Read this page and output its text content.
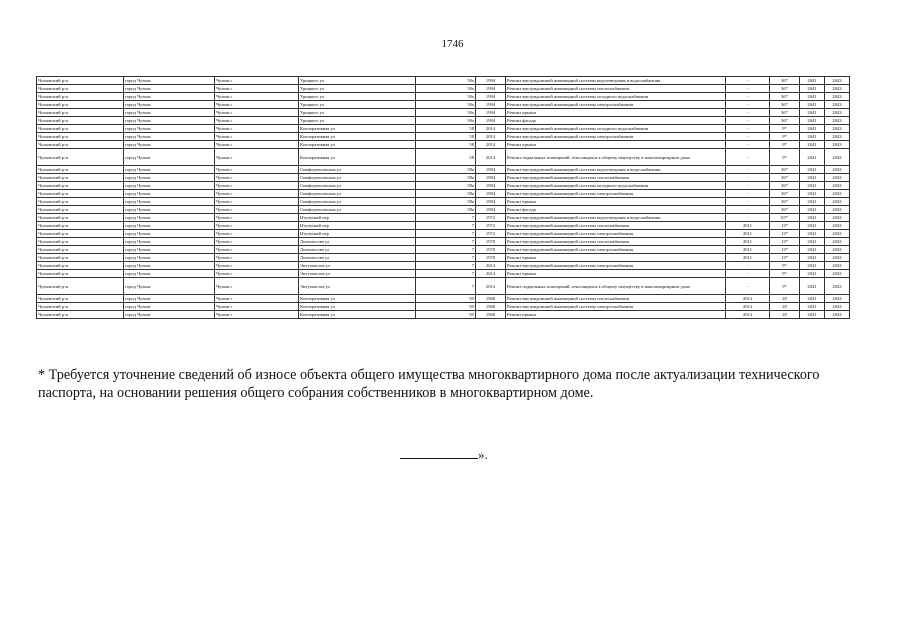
1746
Чулымский р-н	город Чулым	Чулым г	Урицкого ул	50а	1994	Ремонт внутридомовой инженерной системы водоотведения и водоснабжения	-	36*	2041	2043
Чулымский р-н	город Чулым	Чулым г	Урицкого ул	50а	1994	Ремонт внутридомовой инженерной системы теплоснабжения	-	36*	2041	2043
Чулымский р-н	город Чулым	Чулым г	Урицкого ул	50а	1994	Ремонт внутридомовой инженерной системы холодного водоснабжения	-	36*	2041	2043
Чулымский р-н	город Чулым	Чулым г	Урицкого ул	50а	1994	Ремонт внутридомовой инженерной системы электроснабжения	-	36*	2041	2043
Чулымский р-н	город Чулым	Чулым г	Урицкого ул	50а	1994	Ремонт крыши	-	36*	2041	2043
Чулымский р-н	город Чулым	Чулым г	Урицкого ул	50а	1994	Ремонт фасада	-	36*	2041	2043
Чулымский р-н	город Чулым	Чулым г	Кооперативная ул	58	2014	Ремонт внутридомовой инженерной системы холодного водоснабжения	-	9*	2041	2043
Чулымский р-н	город Чулым	Чулым г	Кооперативная ул	58	2014	Ремонт внутридомовой инженерной системы электроснабжения	-	9*	2041	2043
Чулымский р-н	город Чулым	Чулым г	Кооперативная ул	58	2014	Ремонт крыши	-	9*	2041	2043
Чулымский р-н	город Чулым	Чулым г	Кооперативная ул	58	2014	Ремонт подвальных помещений, относящихся к общему имуществу в многоквартирном доме	-	9*	2041	2043
Чулымский р-н	город Чулым	Чулым г	Симферопольская ул	58а	1994	Ремонт внутридомовой инженерной системы водоотведения и водоснабжения	-	36*	2041	2043
Чулымский р-н	город Чулым	Чулым г	Симферопольская ул	58а	1994	Ремонт внутридомовой инженерной системы теплоснабжения	-	36*	2041	2043
Чулымский р-н	город Чулым	Чулым г	Симферопольская ул	58а	1994	Ремонт внутридомовой инженерной системы холодного водоснабжения	-	36*	2041	2043
Чулымский р-н	город Чулым	Чулым г	Симферопольская ул	58а	1994	Ремонт внутридомовой инженерной системы электроснабжения	-	36*	2041	2043
Чулымский р-н	город Чулым	Чулым г	Симферопольская ул	58а	1994	Ремонт крыши	-	36*	2041	2043
Чулымский р-н	город Чулым	Чулым г	Симферопольская ул	58а	1994	Ремонт фасада	-	36*	2041	2043
Чулымский р-н	город Чулым	Чулым г	Итульский пер	7	1972	Ремонт внутридомовой инженерной системы водоотведения и водоснабжения	-	65*	2041	2043
Чулымский р-н	город Чулым	Чулым г	Итульский пер	7	1972	Ремонт внутридомовой инженерной системы теплоснабжения	2011	13*	2041	2043
Чулымский р-н	город Чулым	Чулым г	Итульский пер	7	1972	Ремонт внутридомовой инженерной системы электроснабжения	2011	13*	2041	2043
Чулымский р-н	город Чулым	Чулым г	Ломоносова ул	7	1970	Ремонт внутридомовой инженерной системы теплоснабжения	2011	13*	2041	2043
Чулымский р-н	город Чулым	Чулым г	Ломоносова ул	7	1970	Ремонт внутридомовой инженерной системы электроснабжения	2011	13*	2041	2043
Чулымский р-н	город Чулым	Чулым г	Ломоносова ул	7	1970	Ремонт крыши	2011	13*	2041	2043
Чулымский р-н	город Чулым	Чулым г	Энтузиастов ул	7	2014	Ремонт внутридомовой инженерной системы электроснабжения	-	9*	2041	2043
Чулымский р-н	город Чулым	Чулым г	Энтузиастов ул	7	2014	Ремонт крыши	-	9*	2041	2043
Чулымский р-н	город Чулым	Чулым г	Энтузиастов ул	7	2014	Ремонт подвальных помещений, относящихся к общему имуществу в многоквартирном доме	-	9*	2041	2043
Чулымский р-н	город Чулым	Чулым г	Кооперативная ул	85	1968	Ремонт внутридомовой инженерной системы теплоснабжения	2013	28	2041	2043
Чулымский р-н	город Чулым	Чулым г	Кооперативная ул	85	1968	Ремонт внутридомовой инженерной системы электроснабжения	2013	28	2041	2043
Чулымский р-н	город Чулым	Чулым г	Кооперативная ул	85	1968	Ремонт крыши	2013	28	2041	2043
* Требуется уточнение сведений об износе объекта общего имущества многоквартирного дома после актуализации технического паспорта, на основании решения общего собрания собственников в многоквартирном доме.
».
